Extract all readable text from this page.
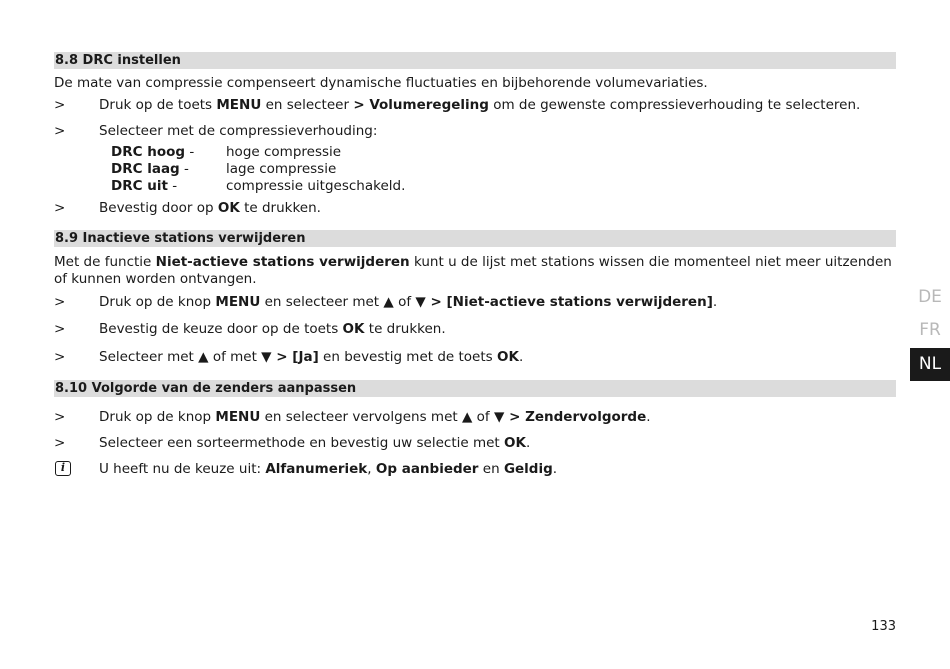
8.8 DRC instellen

De mate van compressie compenseert dynamische fluctuaties en bijbehorende volumevariaties.

>	Druk op de toets MENU en selecteer > Volumeregeling om de gewenste compressieverhouding te selecteren.
>	Selecteer met de compressieverhouding:
DRC hoog -	hoge compressie
DRC laag -	lage compressie
DRC uit -	compressie uitgeschakeld.
>	Bevestig door op OK te drukken.
8.9 Inactieve stations verwijderen

Met de functie Niet-actieve stations verwijderen kunt u de lijst met stations wissen die momenteel niet meer uitzenden of kunnen worden ontvangen.

>	Druk op de knop MENU en selecteer met ▲ of ▼ > [Niet-actieve stations verwijderen].
>	Bevestig de keuze door op de toets OK te drukken.
>	Selecteer met ▲ of met ▼ > [Ja] en bevestig met de toets OK.
8.10 Volgorde van de zenders aanpassen
>	Druk op de knop MENU en selecteer vervolgens met ▲ of ▼ > Zendervolgorde.
>	Selecteer een sorteermethode en bevestig uw selectie met OK.
i	U heeft nu de keuze uit: Alfanumeriek, Op aanbieder en Geldig.
DE
FR
NL
133
